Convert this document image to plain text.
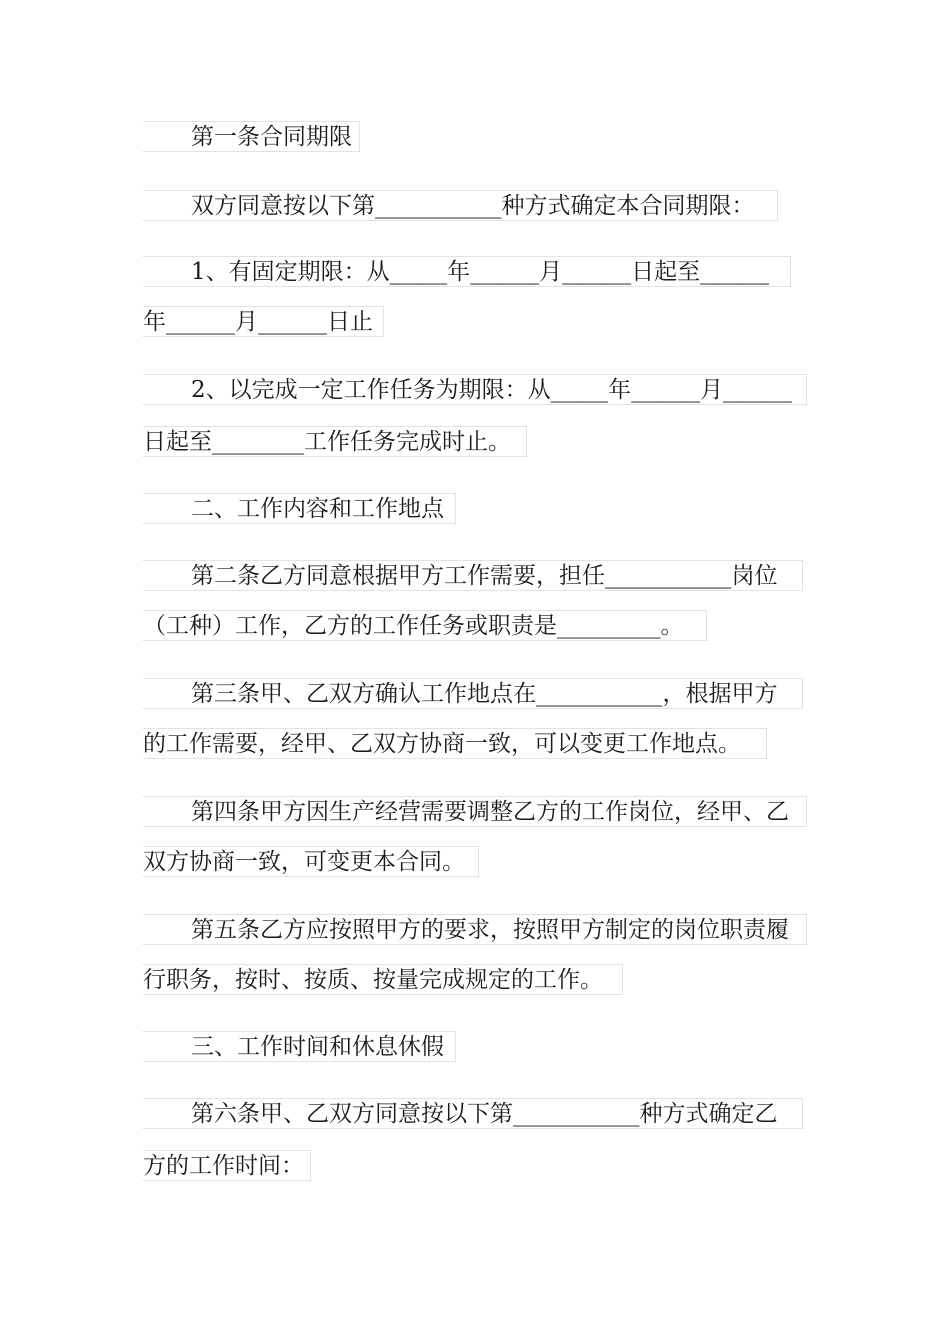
第一条合同期限
双方同意按以下第___________种方式确定本合同期限：
1、有固定期限：从_____年______月______日起至______
年______月______日止
2、以完成一定工作任务为期限：从_____年______月______
日起至________工作任务完成时止。
二、工作内容和工作地点
第二条乙方同意根据甲方工作需要，担任___________岗位
（工种）工作，乙方的工作任务或职责是_________。
第三条甲、乙双方确认工作地点在___________，根据甲方
的工作需要，经甲、乙双方协商一致，可以变更工作地点。
第四条甲方因生产经营需要调整乙方的工作岗位，经甲、乙
双方协商一致，可变更本合同。
第五条乙方应按照甲方的要求，按照甲方制定的岗位职责履
行职务，按时、按质、按量完成规定的工作。
三、工作时间和休息休假
第六条甲、乙双方同意按以下第___________种方式确定乙
方的工作时间：
